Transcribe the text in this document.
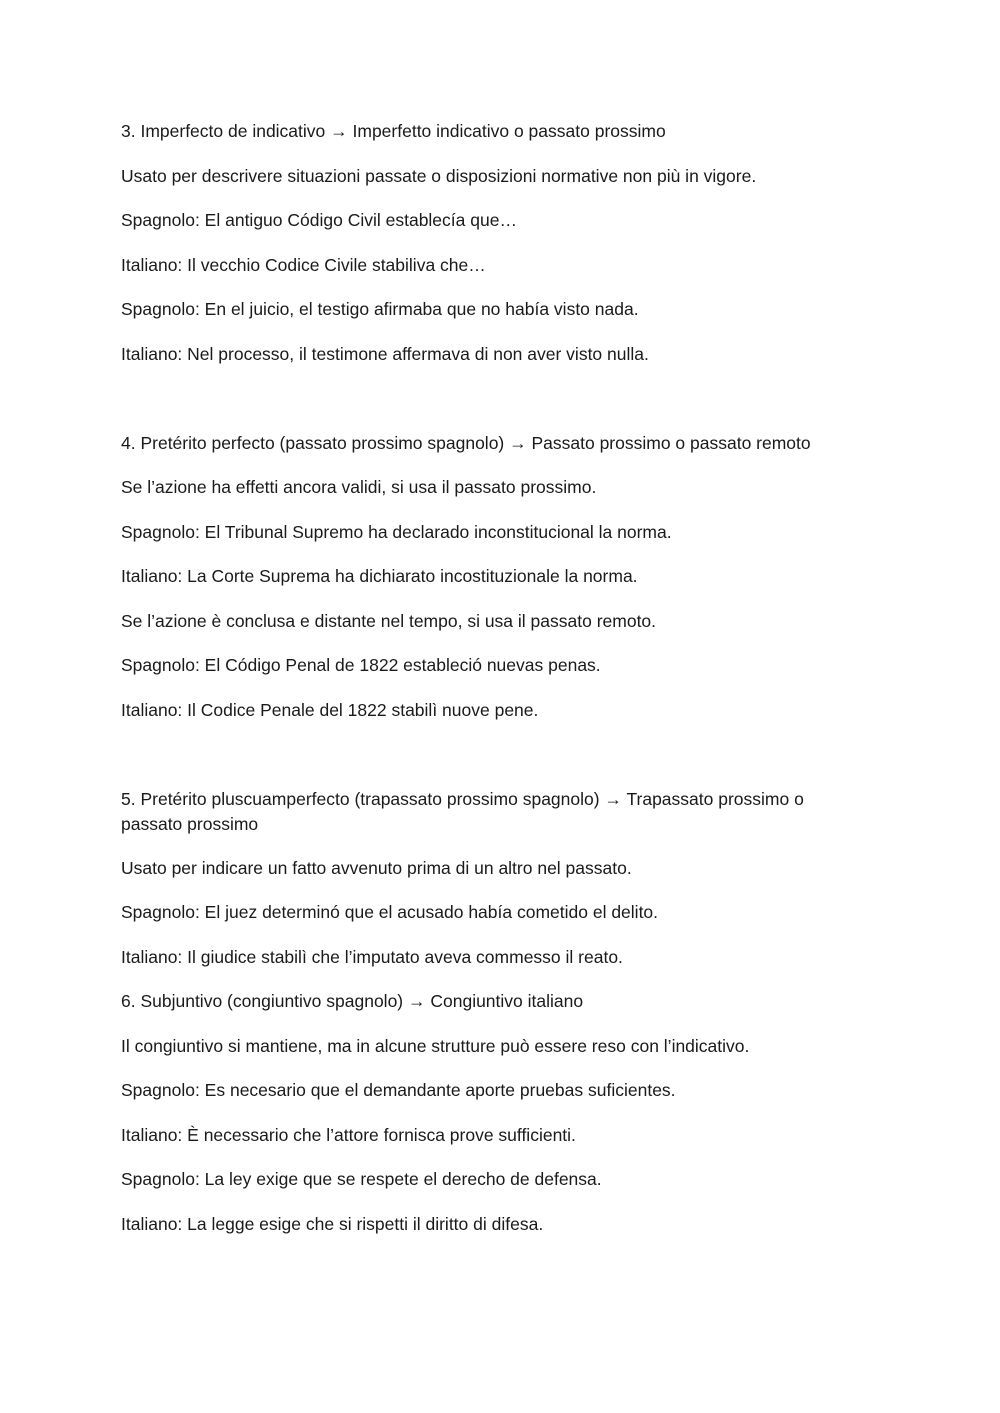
3. Imperfecto de indicativo → Imperfetto indicativo o passato prossimo
Usato per descrivere situazioni passate o disposizioni normative non più in vigore.
Spagnolo: El antiguo Código Civil establecía que…
Italiano: Il vecchio Codice Civile stabiliva che…
Spagnolo: En el juicio, el testigo afirmaba que no había visto nada.
Italiano: Nel processo, il testimone affermava di non aver visto nulla.
4. Pretérito perfecto (passato prossimo spagnolo) → Passato prossimo o passato remoto
Se l’azione ha effetti ancora validi, si usa il passato prossimo.
Spagnolo: El Tribunal Supremo ha declarado inconstitucional la norma.
Italiano: La Corte Suprema ha dichiarato incostituzionale la norma.
Se l’azione è conclusa e distante nel tempo, si usa il passato remoto.
Spagnolo: El Código Penal de 1822 estableció nuevas penas.
Italiano: Il Codice Penale del 1822 stabilì nuove pene.
5. Pretérito pluscuamperfecto (trapassato prossimo spagnolo) → Trapassato prossimo o passato prossimo
Usato per indicare un fatto avvenuto prima di un altro nel passato.
Spagnolo: El juez determinó que el acusado había cometido el delito.
Italiano: Il giudice stabilì che l’imputato aveva commesso il reato.
6. Subjuntivo (congiuntivo spagnolo) → Congiuntivo italiano
Il congiuntivo si mantiene, ma in alcune strutture può essere reso con l’indicativo.
Spagnolo: Es necesario que el demandante aporte pruebas suficientes.
Italiano: È necessario che l’attore fornisca prove sufficienti.
Spagnolo: La ley exige que se respete el derecho de defensa.
Italiano: La legge esige che si rispetti il diritto di difesa.
